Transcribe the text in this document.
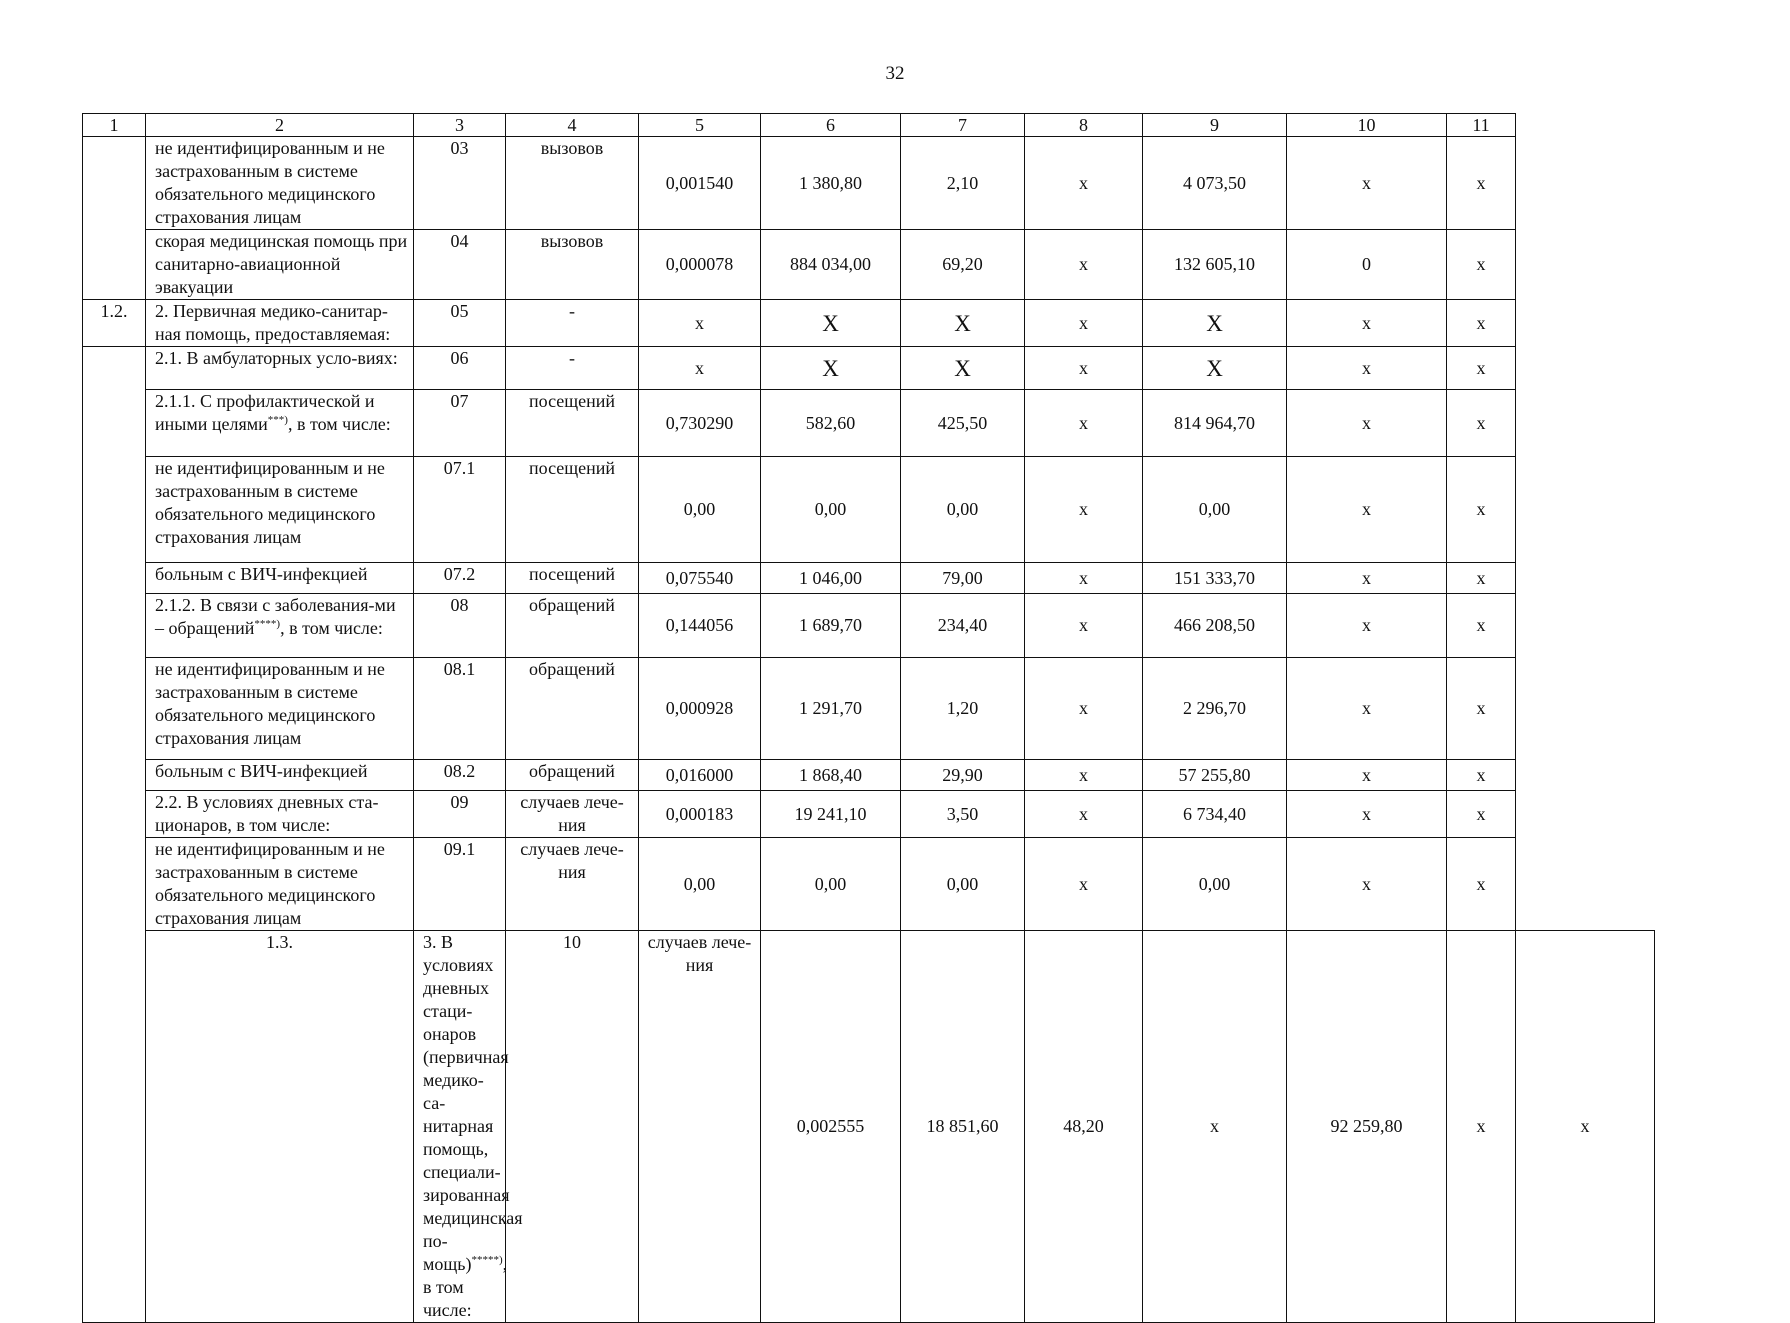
32
1	2	3	4	5	6	7	8	9	10	11	
	не идентифицированным и не застрахованным в системе обязательного медицинского страхования лицам	03	вызовов	0,001540	1 380,80	2,10	х	4 073,50	х	х	
	скорая медицинская помощь при санитарно-авиационной эвакуации	04	вызовов	0,000078	884 034,00	69,20	х	132 605,10	0	х	
1.2.	2. Первичная медико-санитар-ная помощь, предоставляемая:	05	-	х	Х	Х	х	Х	х	х	
	2.1. В амбулаторных усло-виях:	06	-	х	Х	Х	х	Х	х	х	
	2.1.1. С профилактической и иными целями***), в том числе:	07	посещений	0,730290	582,60	425,50	х	814 964,70	х	х	
	не идентифицированным и не застрахованным в системе обязательного медицинского страхования лицам	07.1	посещений	0,00	0,00	0,00	х	0,00	х	х	
	больным с ВИЧ-инфекцией	07.2	посещений	0,075540	1 046,00	79,00	х	151 333,70	х	х	
	2.1.2. В связи с заболевания-ми – обращений****), в том числе:	08	обращений	0,144056	1 689,70	234,40	х	466 208,50	х	х	
	не идентифицированным и не застрахованным в системе обязательного медицинского страхования лицам	08.1	обращений	0,000928	1 291,70	1,20	х	2 296,70	х	х	
	больным с ВИЧ-инфекцией	08.2	обращений	0,016000	1 868,40	29,90	х	57 255,80	х	х	
	2.2. В условиях дневных ста-ционаров, в том числе:	09	случаев лече-ния	0,000183	19 241,10	3,50	х	6 734,40	х	х	
	не идентифицированным и не застрахованным в системе обязательного медицинского страхования лицам	09.1	случаев лече-ния	0,00	0,00	0,00	х	0,00	х	х	
	1.3.	3. В условиях дневных стаци-онаров (первичная медико-са-нитарная помощь, специали-зированная медицинская по-мощь)*****), в том числе:	10	случаев лече-ния	0,002555	18 851,60	48,20	х	92 259,80	х	х
